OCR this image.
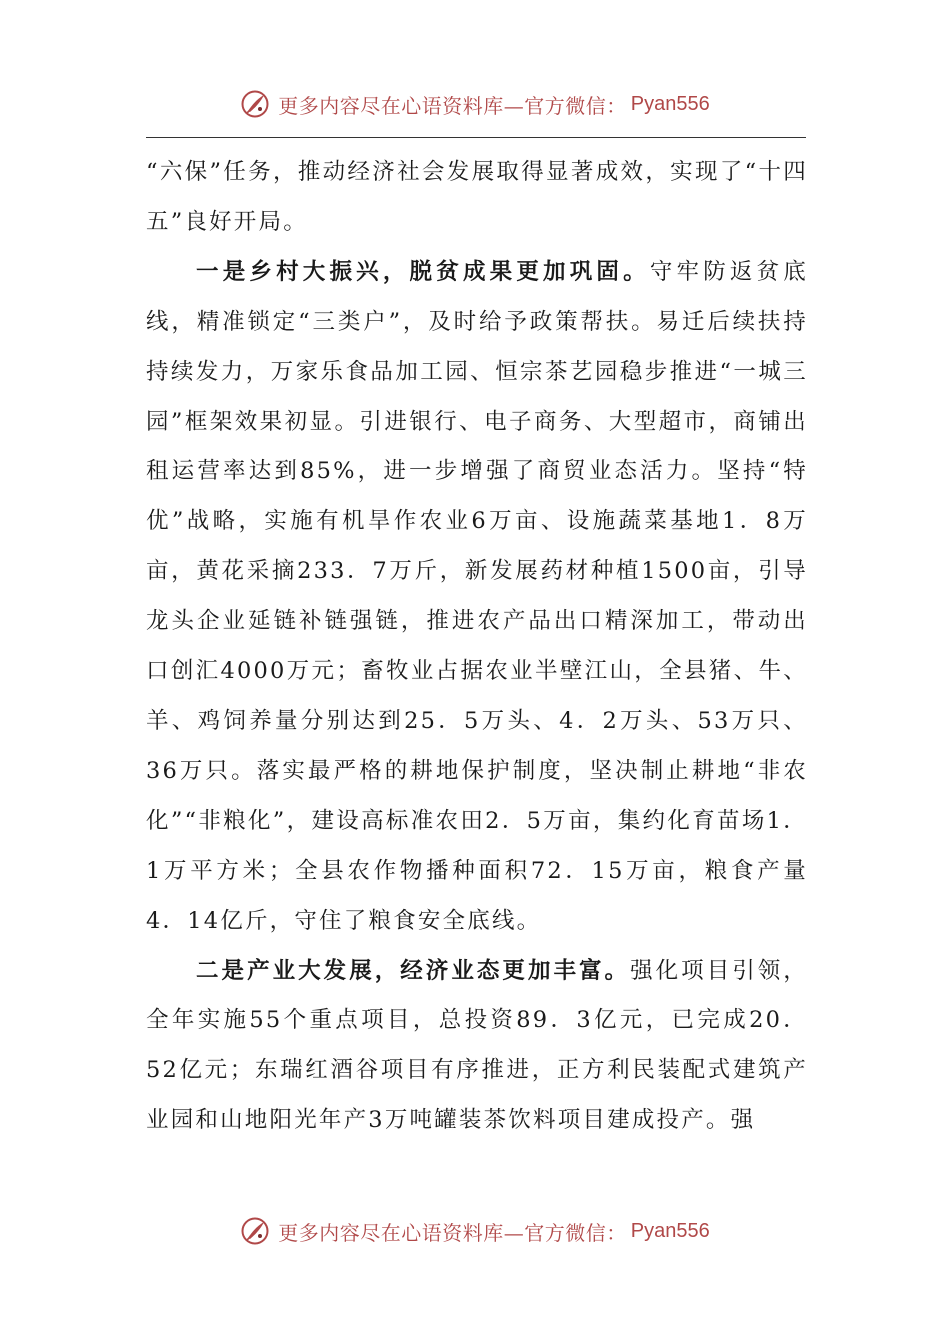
更多内容尽在心语资料库—官方微信： Pyan556

“六保”任务，推动经济社会发展取得显著成效，实现了“十四五”良好开局。

一是乡村大振兴，脱贫成果更加巩固。守牢防返贫底线，精准锁定“三类户”，及时给予政策帮扶。易迁后续扶持持续发力，万家乐食品加工园、恒宗茶艺园稳步推进“一城三园”框架效果初显。引进银行、电子商务、大型超市，商铺出租运营率达到85%，进一步增强了商贸业态活力。坚持“特优”战略，实施有机旱作农业6万亩、设施蔬菜基地1．8万亩，黄花采摘233．7万斤，新发展药材种植1500亩，引导龙头企业延链补链强链，推进农产品出口精深加工，带动出口创汇4000万元；畜牧业占据农业半壁江山，全县猪、牛、羊、鸡饲养量分别达到25．5万头、4．2万头、53万只、36万只。落实最严格的耕地保护制度，坚决制止耕地“非农化”“非粮化”，建设高标准农田2．5万亩，集约化育苗场1．1万平方米；全县农作物播种面积72．15万亩，粮食产量4．14亿斤，守住了粮食安全底线。

二是产业大发展，经济业态更加丰富。强化项目引领，全年实施55个重点项目，总投资89．3亿元，已完成20．52亿元；东瑞红酒谷项目有序推进，正方利民装配式建筑产业园和山地阳光年产3万吨罐装茶饮料项目建成投产。强

更多内容尽在心语资料库—官方微信： Pyan556
